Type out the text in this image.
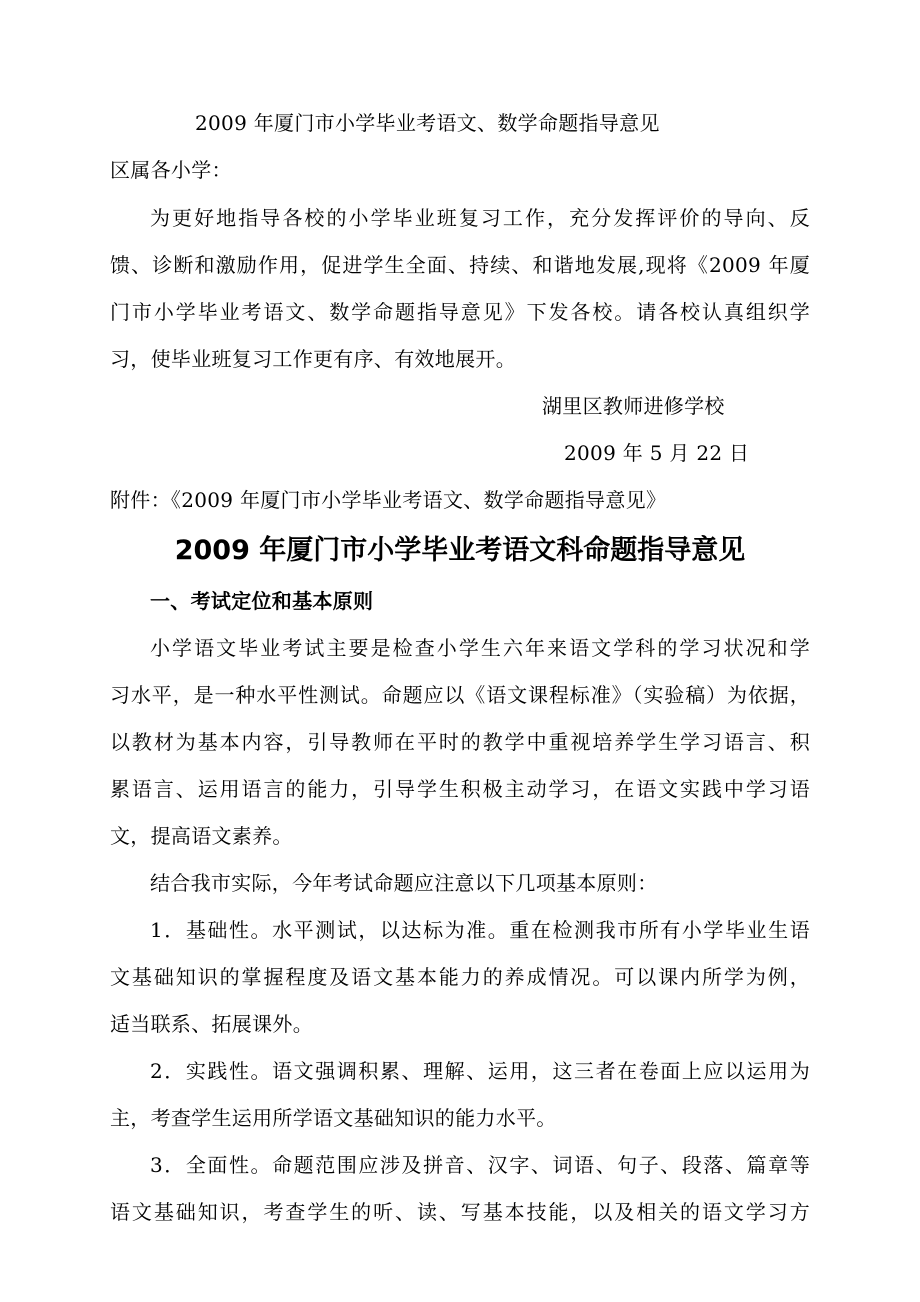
2009 年厦门市小学毕业考语文、数学命题指导意见
区属各小学：
为更好地指导各校的小学毕业班复习工作，充分发挥评价的导向、反
馈、诊断和激励作用，促进学生全面、持续、和谐地发展,现将《2009 年厦
门市小学毕业考语文、数学命题指导意见》下发各校。请各校认真组织学
习，使毕业班复习工作更有序、有效地展开。
湖里区教师进修学校
2009 年 5 月 22 日
附件：《2009 年厦门市小学毕业考语文、数学命题指导意见》
2009 年厦门市小学毕业考语文科命题指导意见
一、考试定位和基本原则
小学语文毕业考试主要是检查小学生六年来语文学科的学习状况和学
习水平，是一种水平性测试。命题应以《语文课程标准》（实验稿）为依据，
以教材为基本内容，引导教师在平时的教学中重视培养学生学习语言、积
累语言、运用语言的能力，引导学生积极主动学习，在语文实践中学习语
文，提高语文素养。
结合我市实际，今年考试命题应注意以下几项基本原则：
1．基础性。水平测试，以达标为准。重在检测我市所有小学毕业生语
文基础知识的掌握程度及语文基本能力的养成情况。可以课内所学为例，
适当联系、拓展课外。
2．实践性。语文强调积累、理解、运用，这三者在卷面上应以运用为
主，考查学生运用所学语文基础知识的能力水平。
3．全面性。命题范围应涉及拼音、汉字、词语、句子、段落、篇章等
语文基础知识，考查学生的听、读、写基本技能，以及相关的语文学习方
